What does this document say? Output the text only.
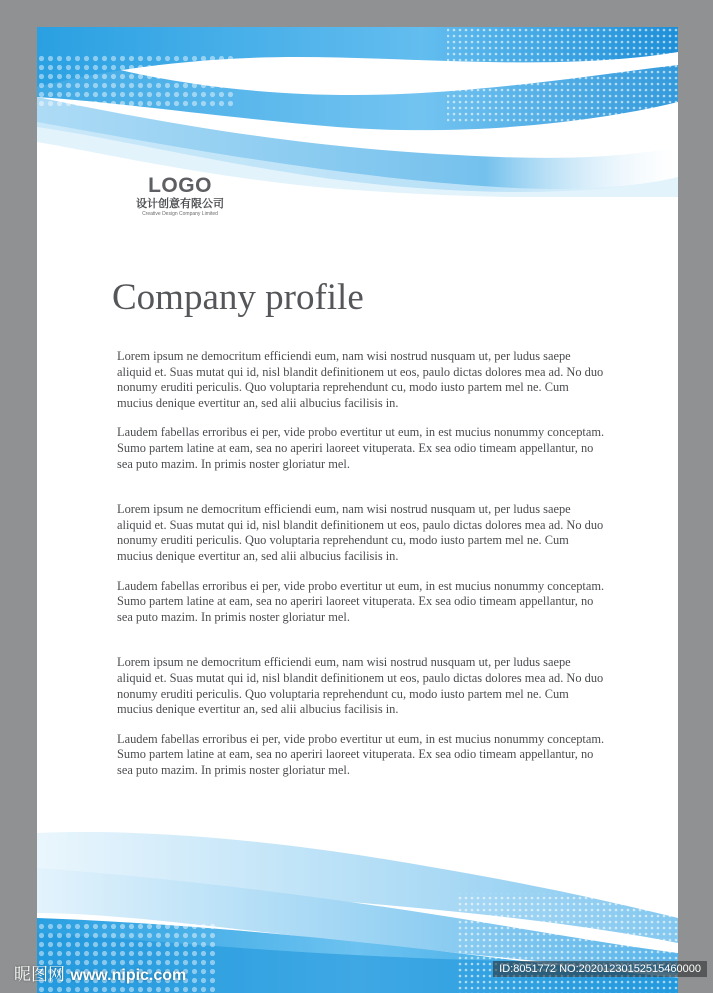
LOGO
设计创意有限公司
Creative Design Company Limited
Company profile

Lorem ipsum ne democritum efficiendi eum, nam wisi nostrud nusquam ut, per ludus saepe aliquid et. Suas mutat qui id, nisl blandit definitionem ut eos, paulo dictas dolores mea ad. No duo nonumy eruditi periculis. Quo voluptaria reprehendunt cu, modo iusto partem mel ne. Cum mucius denique evertitur an, sed alii albucius facilisis in.

Laudem fabellas erroribus ei per, vide probo evertitur ut eum, in est mucius nonummy conceptam. Sumo partem latine at eam, sea no aperiri laoreet vituperata. Ex sea odio timeam appellantur, no sea puto mazim. In primis noster gloriatur mel.

Lorem ipsum ne democritum efficiendi eum, nam wisi nostrud nusquam ut, per ludus saepe aliquid et. Suas mutat qui id, nisl blandit definitionem ut eos, paulo dictas dolores mea ad. No duo nonumy eruditi periculis. Quo voluptaria reprehendunt cu, modo iusto partem mel ne. Cum mucius denique evertitur an, sed alii albucius facilisis in.

Laudem fabellas erroribus ei per, vide probo evertitur ut eum, in est mucius nonummy conceptam. Sumo partem latine at eam, sea no aperiri laoreet vituperata. Ex sea odio timeam appellantur, no sea puto mazim. In primis noster gloriatur mel.

Lorem ipsum ne democritum efficiendi eum, nam wisi nostrud nusquam ut, per ludus saepe aliquid et. Suas mutat qui id, nisl blandit definitionem ut eos, paulo dictas dolores mea ad. No duo nonumy eruditi periculis. Quo voluptaria reprehendunt cu, modo iusto partem mel ne. Cum mucius denique evertitur an, sed alii albucius facilisis in.

Laudem fabellas erroribus ei per, vide probo evertitur ut eum, in est mucius nonummy conceptam. Sumo partem latine at eam, sea no aperiri laoreet vituperata. Ex sea odio timeam appellantur, no sea puto mazim. In primis noster gloriatur mel.

昵图网 www.nipic.com	ID:8051772 NO:20201230152515460000
